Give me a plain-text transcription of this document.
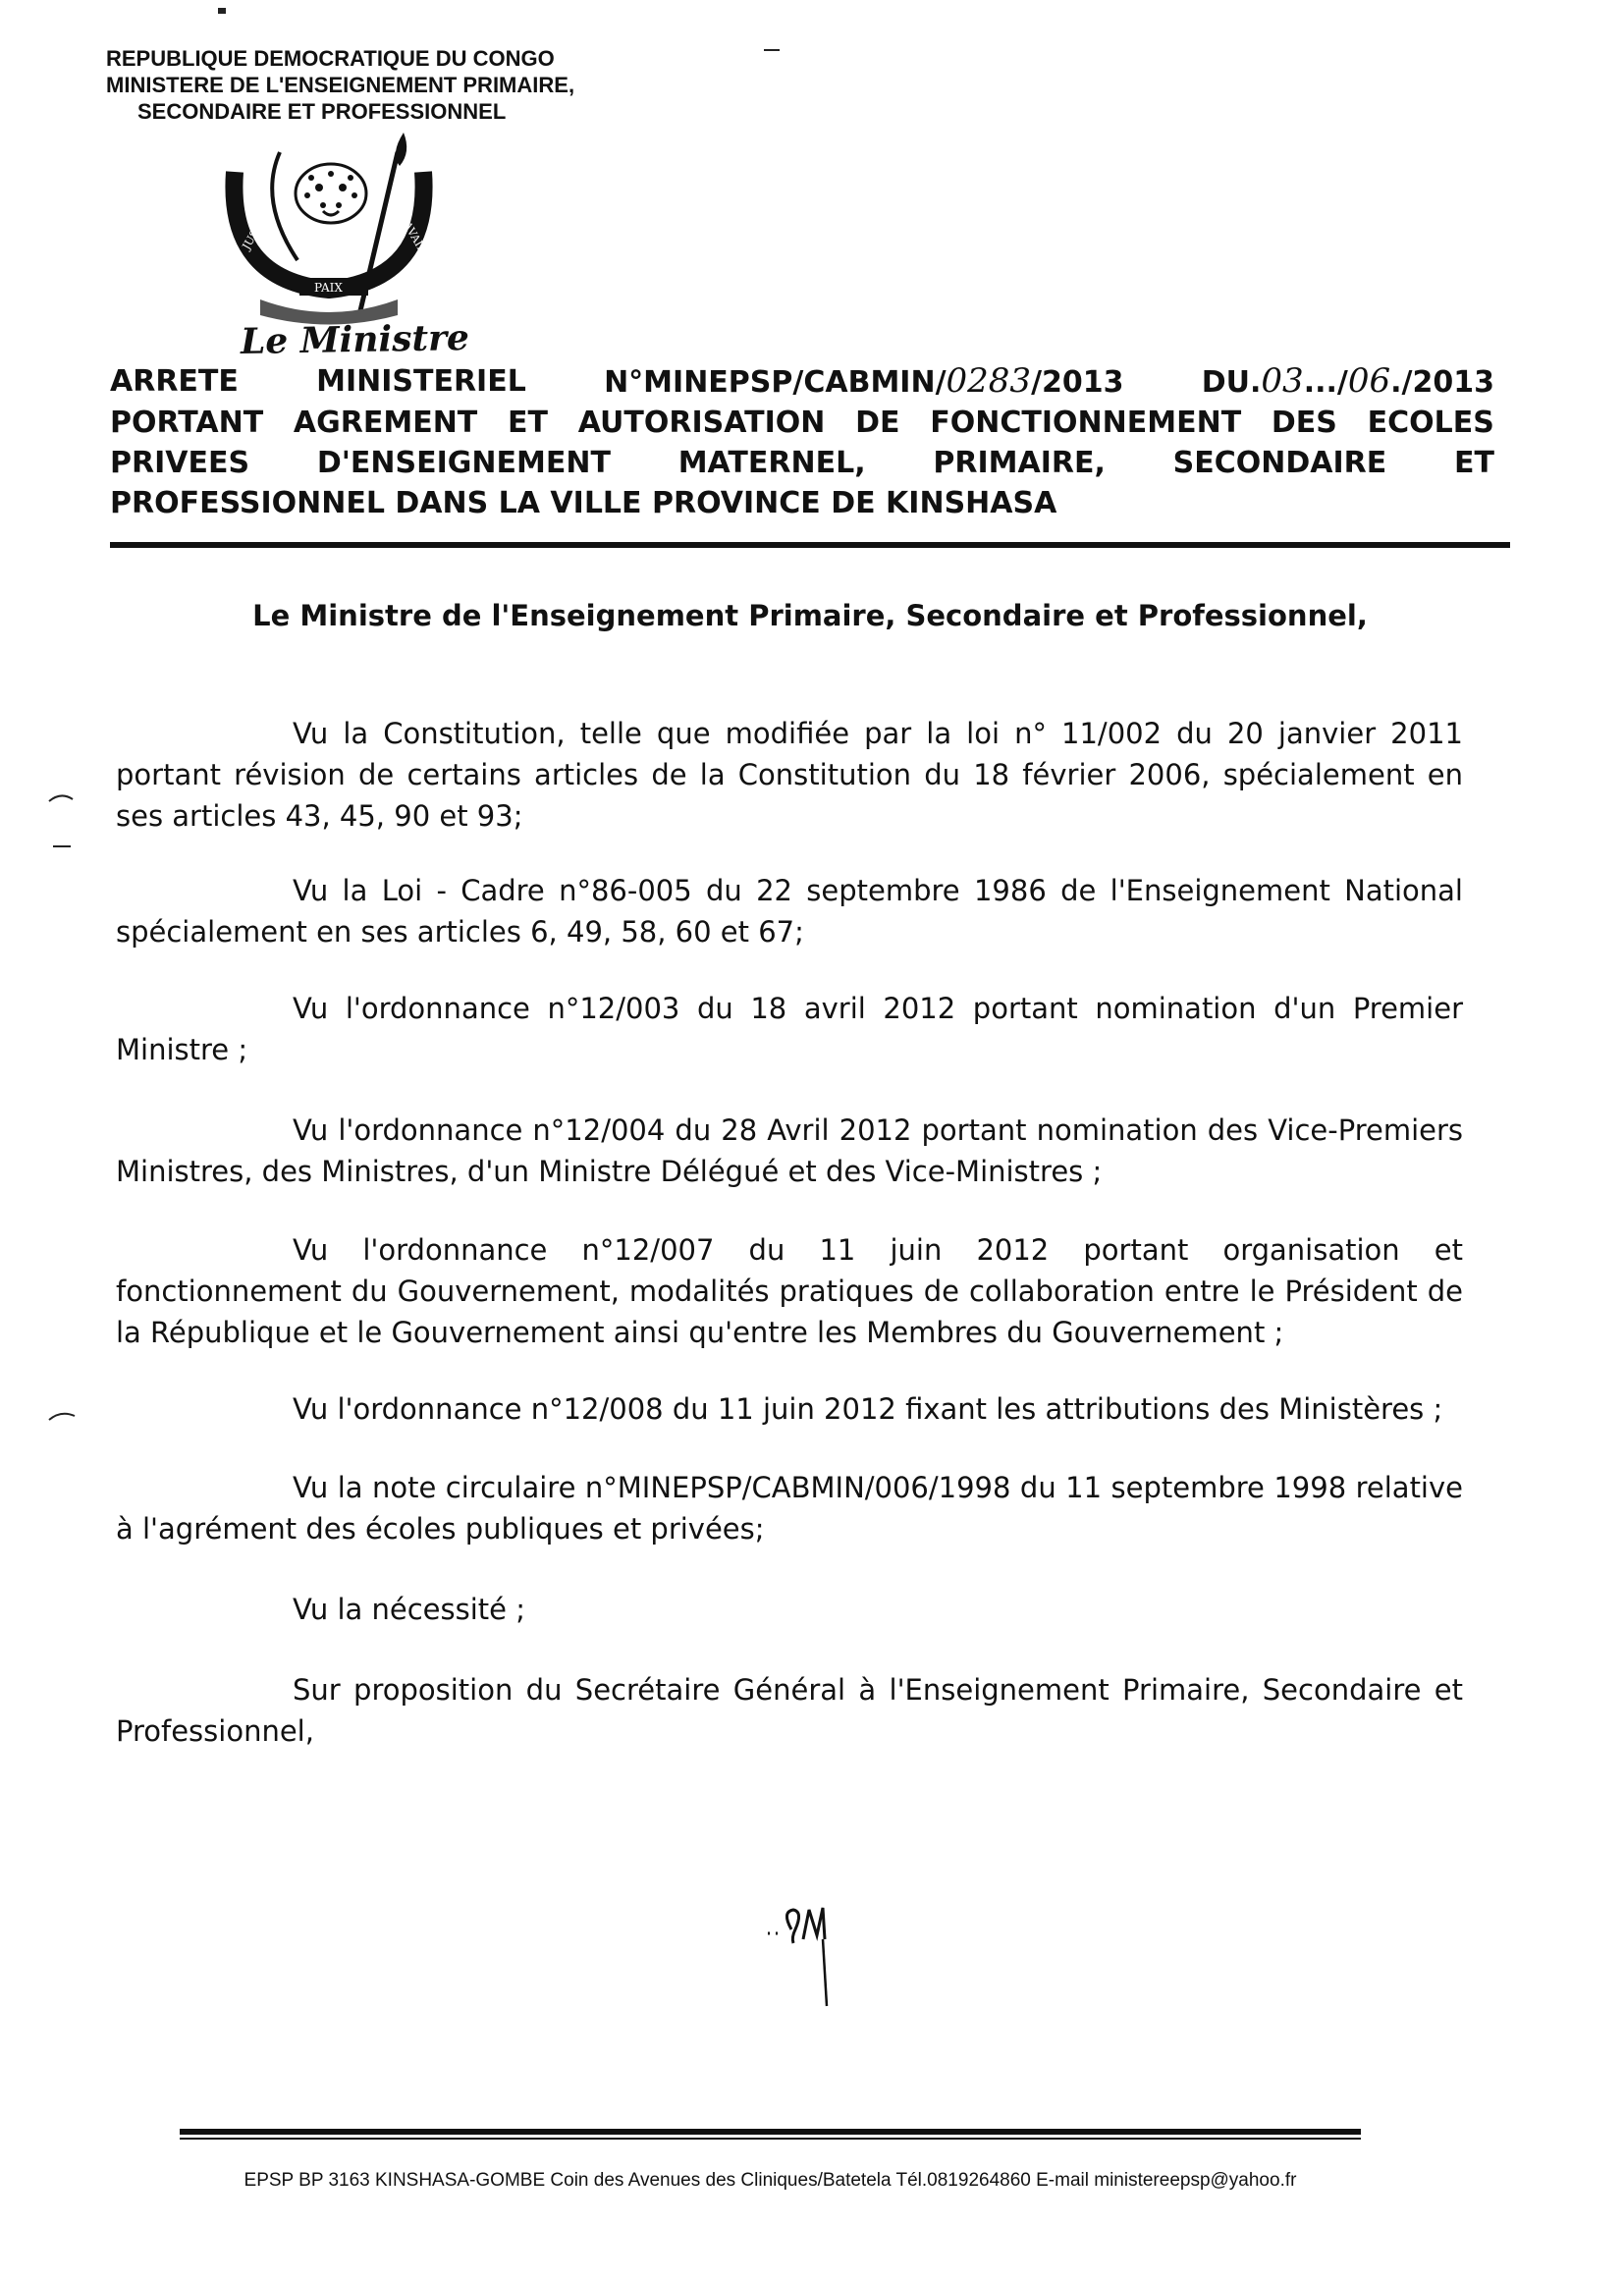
REPUBLIQUE DEMOCRATIQUE DU CONGO
MINISTERE DE L'ENSEIGNEMENT PRIMAIRE,
SECONDAIRE ET PROFESSIONNEL
JUSTICE	TRAVAIL
PAIX
Le Ministre
ARRETE	MINISTERIEL	N°MINEPSP/CABMIN/0283/2013	DU.03.../06./2013
PORTANT AGREMENT ET AUTORISATION DE FONCTIONNEMENT DES ECOLES
PRIVEES D'ENSEIGNEMENT MATERNEL, PRIMAIRE, SECONDAIRE ET
PROFESSIONNEL DANS LA VILLE PROVINCE DE KINSHASA
Le Ministre de l'Enseignement Primaire, Secondaire et Professionnel,
Vu la Constitution, telle que modifiée par la loi n° 11/002 du 20 janvier 2011 portant révision de certains articles de la Constitution du 18 février 2006, spécialement en ses articles 43, 45, 90 et 93;
Vu la Loi - Cadre n°86-005 du 22 septembre 1986 de l'Enseignement National spécialement en ses articles 6, 49, 58, 60 et 67;
Vu l'ordonnance n°12/003 du 18 avril 2012 portant nomination d'un Premier Ministre ;
Vu l'ordonnance n°12/004 du 28 Avril 2012 portant nomination des Vice-Premiers Ministres, des Ministres, d'un Ministre Délégué et des Vice-Ministres ;
Vu l'ordonnance n°12/007 du 11 juin 2012 portant organisation et fonctionnement du Gouvernement, modalités pratiques de collaboration entre le Président de la République et le Gouvernement ainsi qu'entre les Membres du Gouvernement ;
Vu l'ordonnance n°12/008 du 11 juin 2012 fixant les attributions des Ministères ;
Vu la note circulaire n°MINEPSP/CABMIN/006/1998 du 11 septembre 1998 relative à l'agrément des écoles publiques et privées;
Vu la nécessité ;
Sur proposition du Secrétaire Général à l'Enseignement Primaire, Secondaire et Professionnel,
EPSP BP 3163 KINSHASA-GOMBE Coin des Avenues des Cliniques/Batetela Tél.0819264860 E-mail ministereepsp@yahoo.fr
